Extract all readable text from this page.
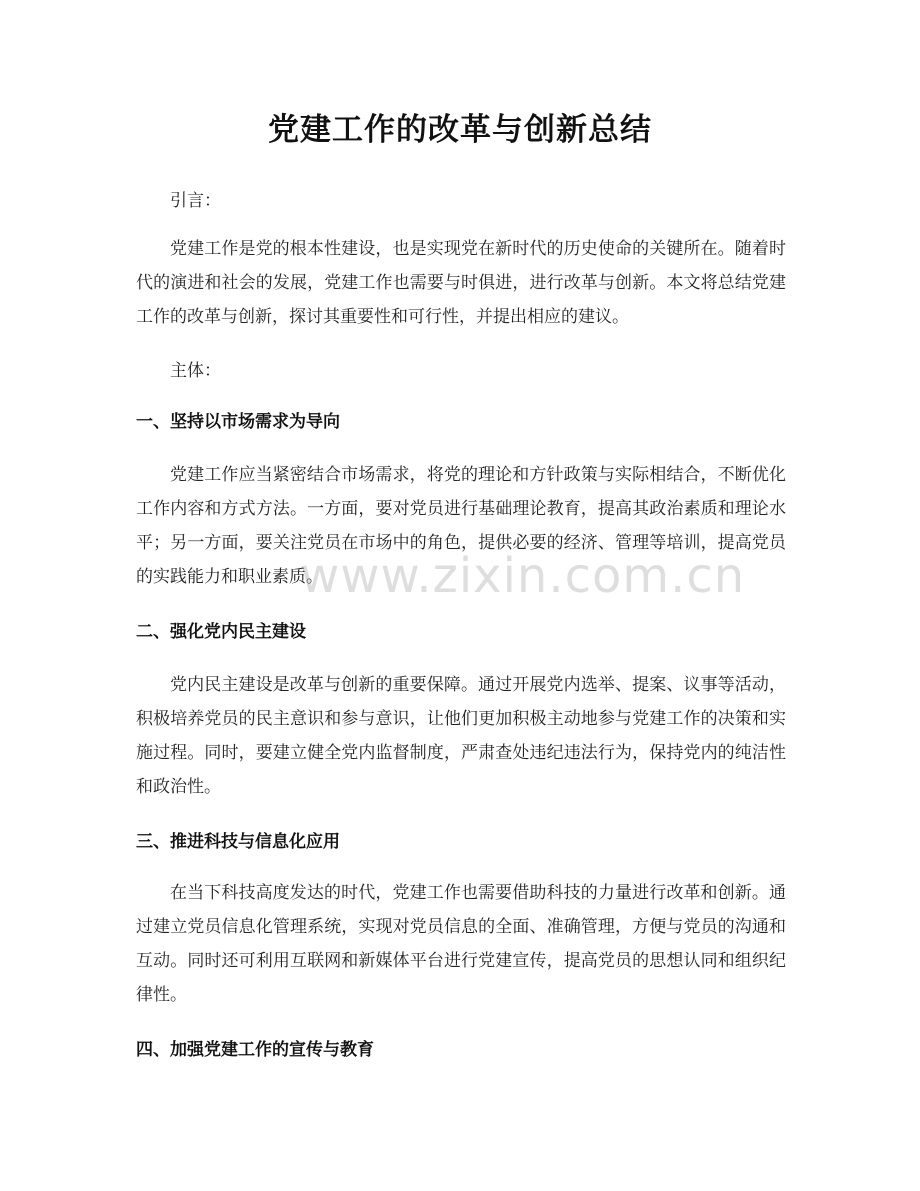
党建工作的改革与创新总结
引言：
党建工作是党的根本性建设，也是实现党在新时代的历史使命的关键所在。随着时代的演进和社会的发展，党建工作也需要与时俱进，进行改革与创新。本文将总结党建工作的改革与创新，探讨其重要性和可行性，并提出相应的建议。
主体：
一、坚持以市场需求为导向
党建工作应当紧密结合市场需求，将党的理论和方针政策与实际相结合，不断优化工作内容和方式方法。一方面，要对党员进行基础理论教育，提高其政治素质和理论水平；另一方面，要关注党员在市场中的角色，提供必要的经济、管理等培训，提高党员的实践能力和职业素质。
二、强化党内民主建设
党内民主建设是改革与创新的重要保障。通过开展党内选举、提案、议事等活动，积极培养党员的民主意识和参与意识，让他们更加积极主动地参与党建工作的决策和实施过程。同时，要建立健全党内监督制度，严肃查处违纪违法行为，保持党内的纯洁性和政治性。
三、推进科技与信息化应用
在当下科技高度发达的时代，党建工作也需要借助科技的力量进行改革和创新。通过建立党员信息化管理系统，实现对党员信息的全面、准确管理，方便与党员的沟通和互动。同时还可利用互联网和新媒体平台进行党建宣传，提高党员的思想认同和组织纪律性。
四、加强党建工作的宣传与教育
www.zixin.com.cn
